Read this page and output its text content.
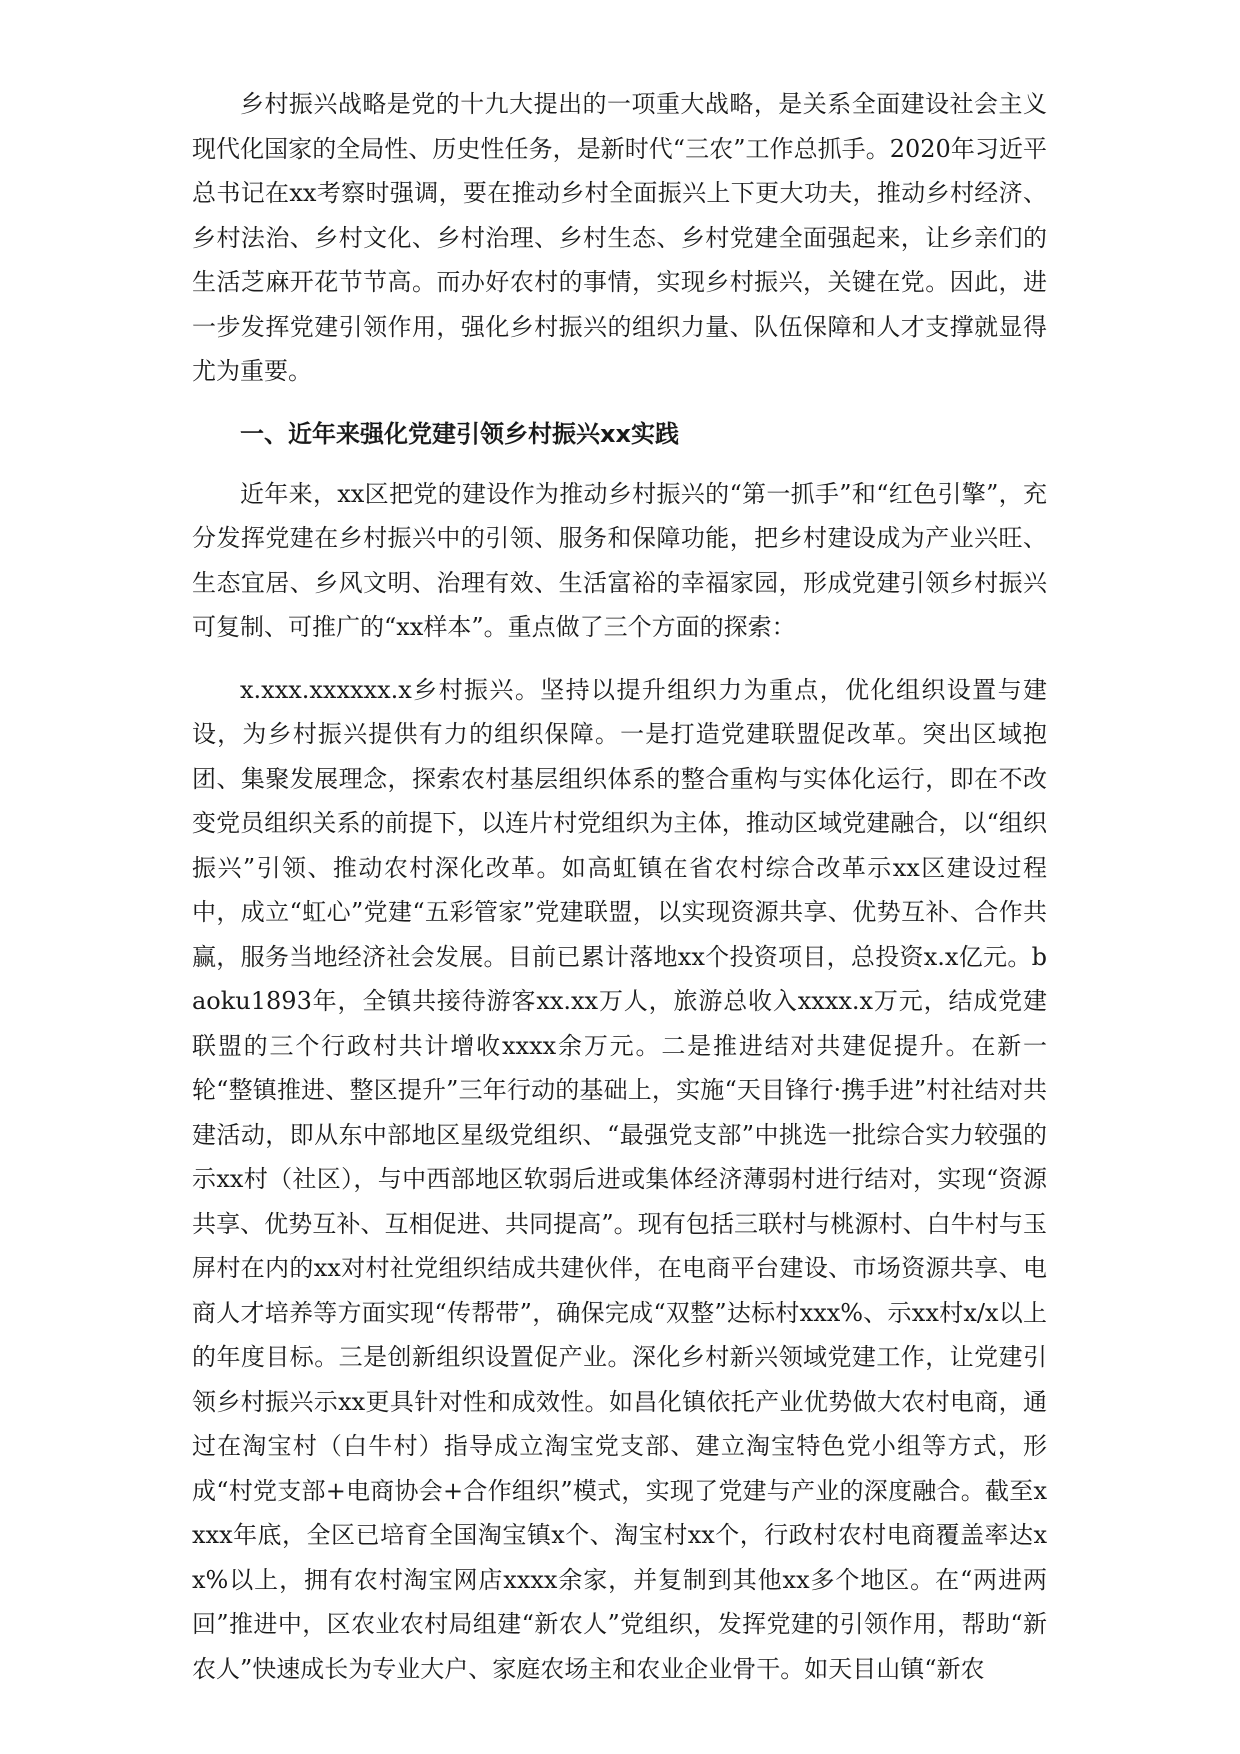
乡村振兴战略是党的十九大提出的一项重大战略，是关系全面建设社会主义现代化国家的全局性、历史性任务，是新时代“三农”工作总抓手。2020年习近平总书记在xx考察时强调，要在推动乡村全面振兴上下更大功夫，推动乡村经济、乡村法治、乡村文化、乡村治理、乡村生态、乡村党建全面强起来，让乡亲们的生活芝麻开花节节高。而办好农村的事情，实现乡村振兴，关键在党。因此，进一步发挥党建引领作用，强化乡村振兴的组织力量、队伍保障和人才支撑就显得尤为重要。

一、近年来强化党建引领乡村振兴xx实践

近年来，xx区把党的建设作为推动乡村振兴的“第一抓手”和“红色引擎”，充分发挥党建在乡村振兴中的引领、服务和保障功能，把乡村建设成为产业兴旺、生态宜居、乡风文明、治理有效、生活富裕的幸福家园，形成党建引领乡村振兴可复制、可推广的“xx样本”。重点做了三个方面的探索：

x.xxx.xxxxxx.x乡村振兴。坚持以提升组织力为重点，优化组织设置与建设，为乡村振兴提供有力的组织保障。一是打造党建联盟促改革。突出区域抱团、集聚发展理念，探索农村基层组织体系的整合重构与实体化运行，即在不改变党员组织关系的前提下，以连片村党组织为主体，推动区域党建融合，以“组织振兴”引领、推动农村深化改革。如高虹镇在省农村综合改革示xx区建设过程中，成立“虹心”党建“五彩管家”党建联盟，以实现资源共享、优势互补、合作共赢，服务当地经济社会发展。目前已累计落地xx个投资项目，总投资x.x亿元。baoku1893年，全镇共接待游客xx.xx万人，旅游总收入xxxx.x万元，结成党建联盟的三个行政村共计增收xxxx余万元。二是推进结对共建促提升。在新一轮“整镇推进、整区提升”三年行动的基础上，实施“天目锋行·携手进”村社结对共建活动，即从东中部地区星级党组织、“最强党支部”中挑选一批综合实力较强的示xx村（社区），与中西部地区软弱后进或集体经济薄弱村进行结对，实现“资源共享、优势互补、互相促进、共同提高”。现有包括三联村与桃源村、白牛村与玉屏村在内的xx对村社党组织结成共建伙伴，在电商平台建设、市场资源共享、电商人才培养等方面实现“传帮带”，确保完成“双整”达标村xxx%、示xx村x/x以上的年度目标。三是创新组织设置促产业。深化乡村新兴领域党建工作，让党建引领乡村振兴示xx更具针对性和成效性。如昌化镇依托产业优势做大农村电商，通过在淘宝村（白牛村）指导成立淘宝党支部、建立淘宝特色党小组等方式，形成“村党支部+电商协会+合作组织”模式，实现了党建与产业的深度融合。截至xxxx年底，全区已培育全国淘宝镇x个、淘宝村xx个，行政村农村电商覆盖率达xx%以上，拥有农村淘宝网店xxxx余家，并复制到其他xx多个地区。在“两进两回”推进中，区农业农村局组建“新农人”党组织，发挥党建的引领作用，帮助“新农人”快速成长为专业大户、家庭农场主和农业企业骨干。如天目山镇“新农
